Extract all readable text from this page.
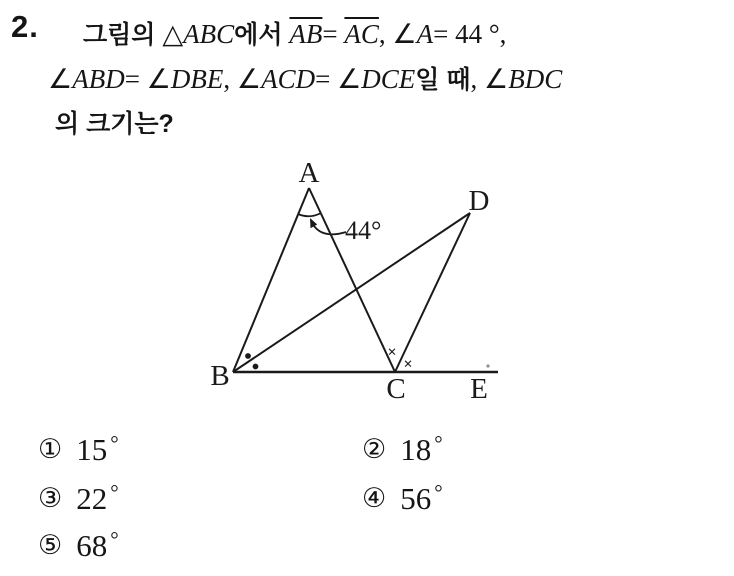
2. 그림의 △ABC에서 $\overline{AB}= \overline{AC}$, ∠A= 44 °,
∠ABD= ∠DBE, ∠ACD= ∠DCE일 때, ∠BDC
의 크기는?
44°
×
×
A
B	C
D
E
① 15 °	② 18 °
③ 22 °	④ 56 °
⑤ 68 °
